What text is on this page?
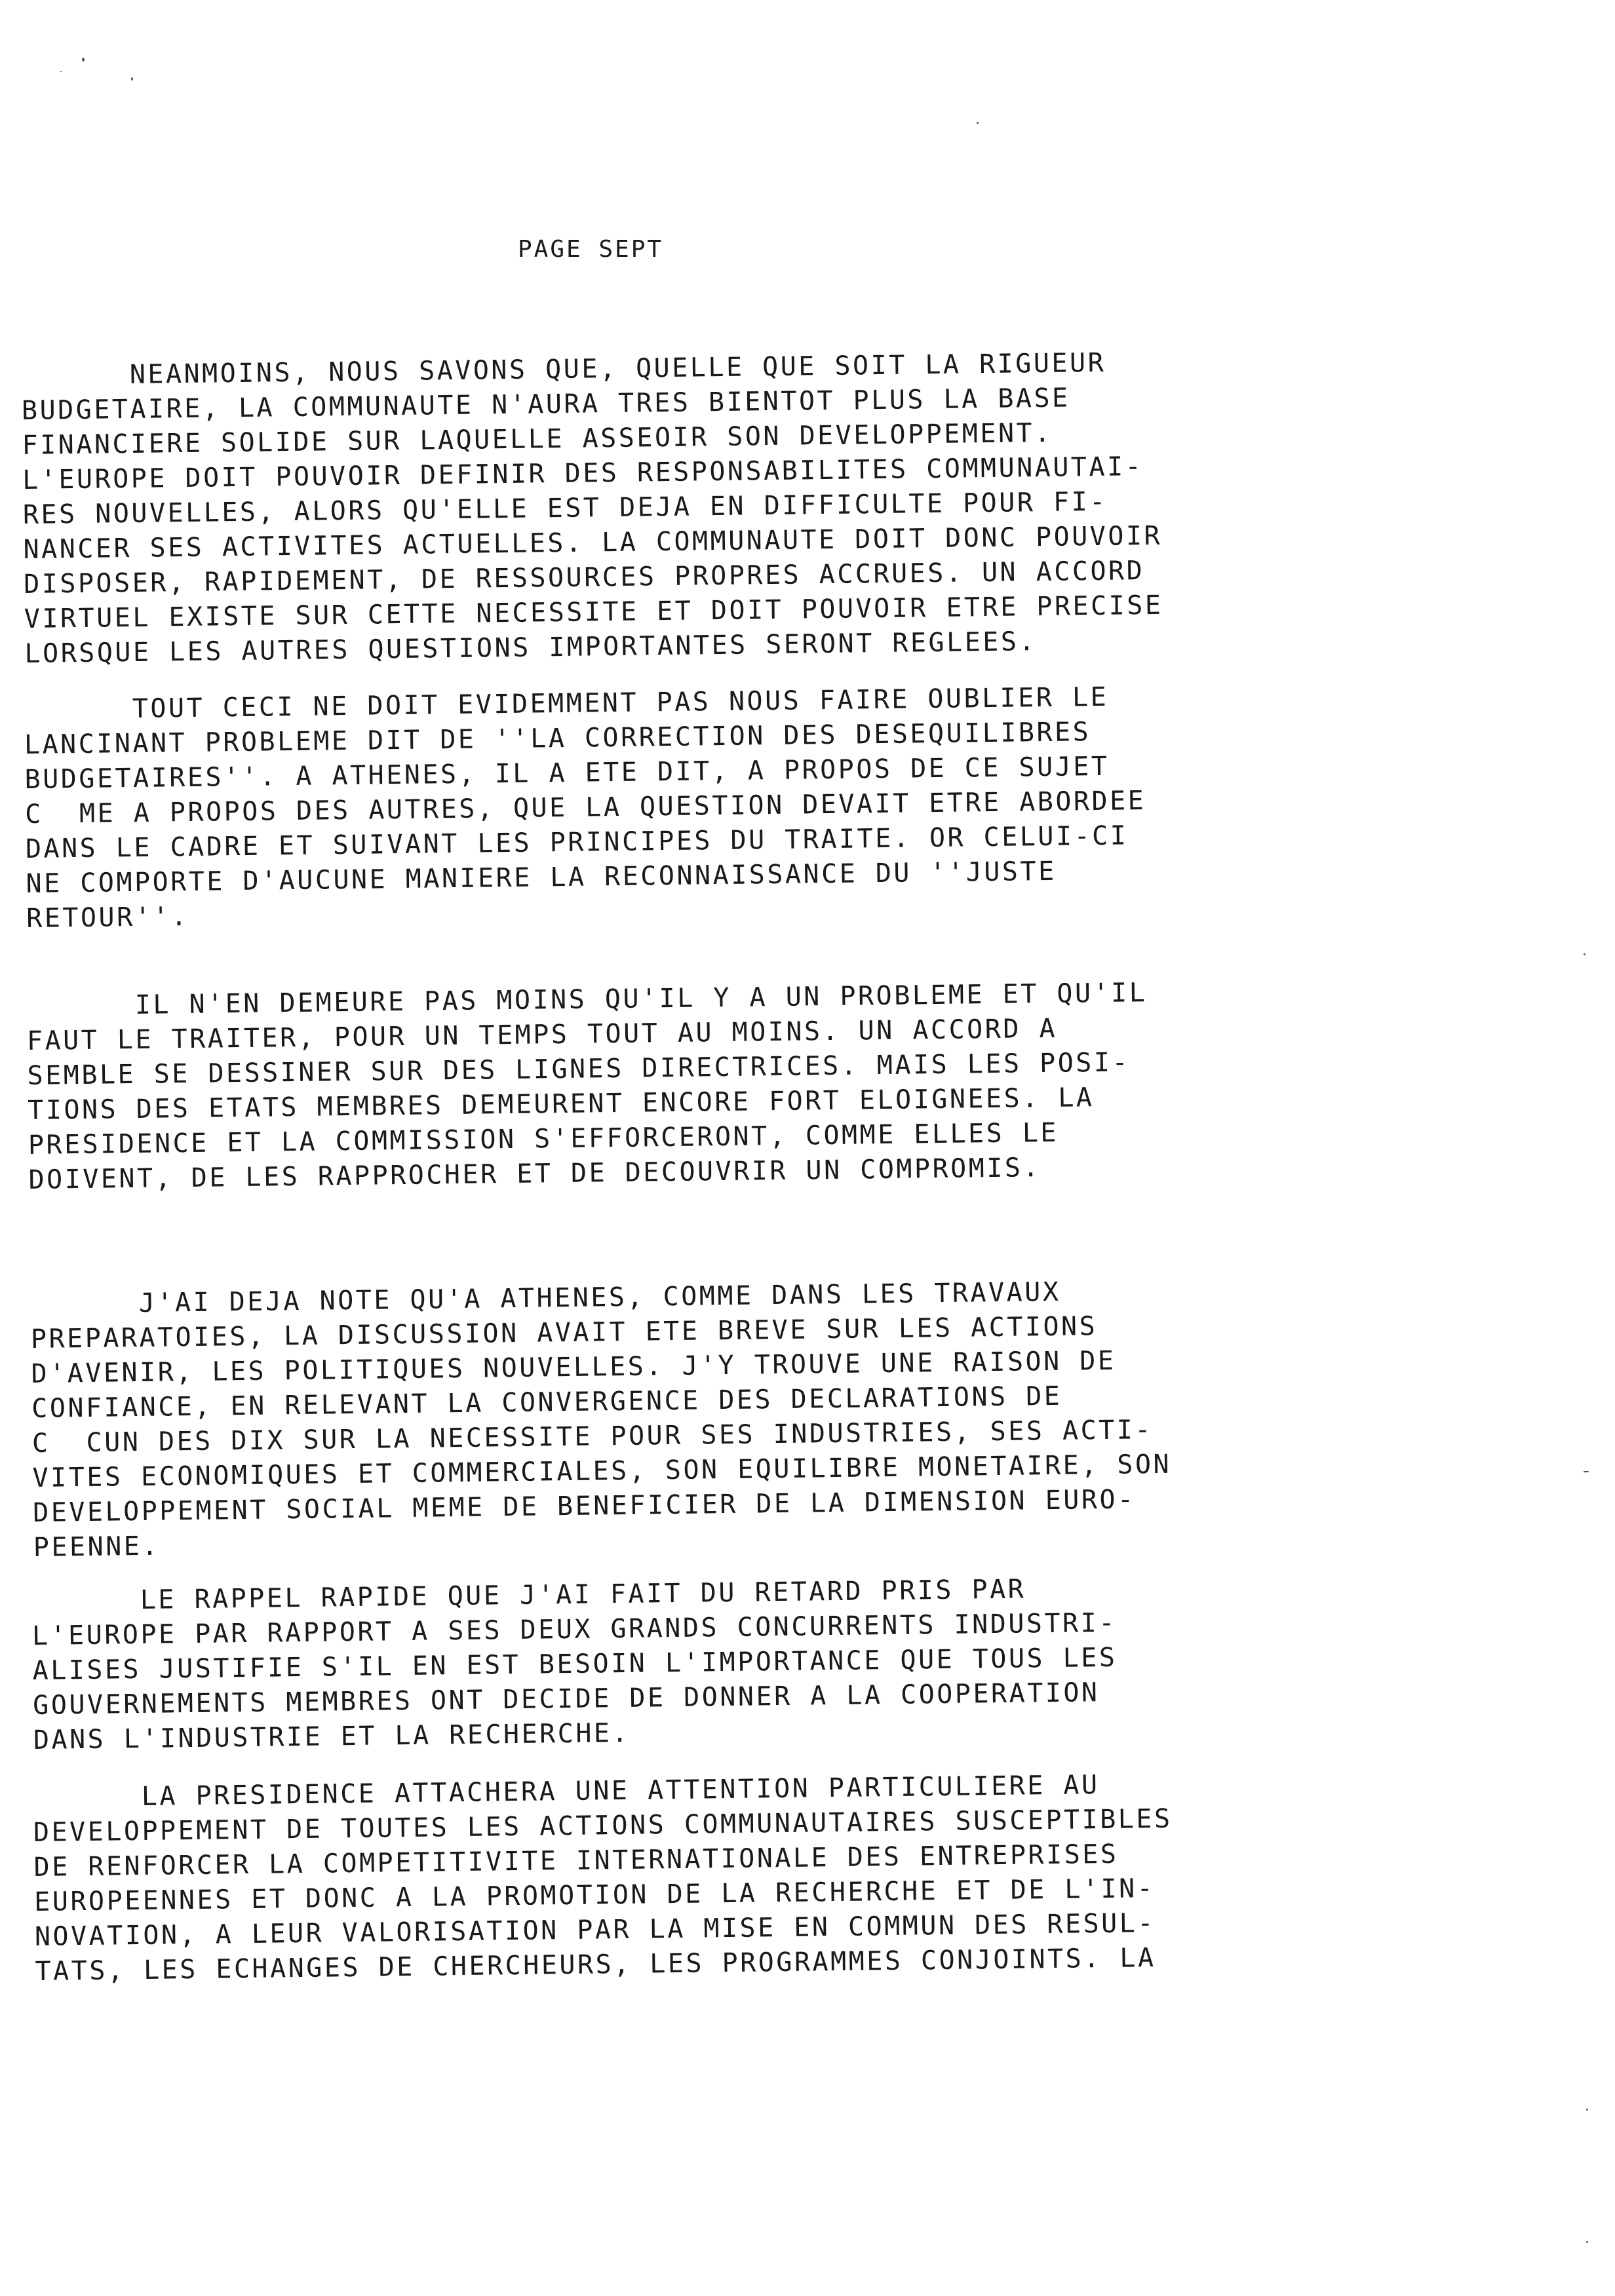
PAGE SEPT
NEANMOINS, NOUS SAVONS QUE, QUELLE QUE SOIT LA RIGUEUR
BUDGETAIRE, LA COMMUNAUTE N'AURA TRES BIENTOT PLUS LA BASE
FINANCIERE SOLIDE SUR LAQUELLE ASSEOIR SON DEVELOPPEMENT.
L'EUROPE DOIT POUVOIR DEFINIR DES RESPONSABILITES COMMUNAUTAI-
RES NOUVELLES, ALORS QU'ELLE EST DEJA EN DIFFICULTE POUR FI-
NANCER SES ACTIVITES ACTUELLES. LA COMMUNAUTE DOIT DONC POUVOIR
DISPOSER, RAPIDEMENT, DE RESSOURCES PROPRES ACCRUES. UN ACCORD
VIRTUEL EXISTE SUR CETTE NECESSITE ET DOIT POUVOIR ETRE PRECISE
LORSQUE LES AUTRES QUESTIONS IMPORTANTES SERONT REGLEES.
TOUT CECI NE DOIT EVIDEMMENT PAS NOUS FAIRE OUBLIER LE
LANCINANT PROBLEME DIT DE ''LA CORRECTION DES DESEQUILIBRES
BUDGETAIRES''. A ATHENES, IL A ETE DIT, A PROPOS DE CE SUJET
C  ME A PROPOS DES AUTRES, QUE LA QUESTION DEVAIT ETRE ABORDEE
DANS LE CADRE ET SUIVANT LES PRINCIPES DU TRAITE. OR CELUI-CI
NE COMPORTE D'AUCUNE MANIERE LA RECONNAISSANCE DU ''JUSTE
RETOUR''.
IL N'EN DEMEURE PAS MOINS QU'IL Y A UN PROBLEME ET QU'IL
FAUT LE TRAITER, POUR UN TEMPS TOUT AU MOINS. UN ACCORD A
SEMBLE SE DESSINER SUR DES LIGNES DIRECTRICES. MAIS LES POSI-
TIONS DES ETATS MEMBRES DEMEURENT ENCORE FORT ELOIGNEES. LA
PRESIDENCE ET LA COMMISSION S'EFFORCERONT, COMME ELLES LE
DOIVENT, DE LES RAPPROCHER ET DE DECOUVRIR UN COMPROMIS.
J'AI DEJA NOTE QU'A ATHENES, COMME DANS LES TRAVAUX
PREPARATOIES, LA DISCUSSION AVAIT ETE BREVE SUR LES ACTIONS
D'AVENIR, LES POLITIQUES NOUVELLES. J'Y TROUVE UNE RAISON DE
CONFIANCE, EN RELEVANT LA CONVERGENCE DES DECLARATIONS DE
C  CUN DES DIX SUR LA NECESSITE POUR SES INDUSTRIES, SES ACTI-
VITES ECONOMIQUES ET COMMERCIALES, SON EQUILIBRE MONETAIRE, SON
DEVELOPPEMENT SOCIAL MEME DE BENEFICIER DE LA DIMENSION EURO-
PEENNE.
LE RAPPEL RAPIDE QUE J'AI FAIT DU RETARD PRIS PAR
L'EUROPE PAR RAPPORT A SES DEUX GRANDS CONCURRENTS INDUSTRI-
ALISES JUSTIFIE S'IL EN EST BESOIN L'IMPORTANCE QUE TOUS LES
GOUVERNEMENTS MEMBRES ONT DECIDE DE DONNER A LA COOPERATION
DANS L'INDUSTRIE ET LA RECHERCHE.
LA PRESIDENCE ATTACHERA UNE ATTENTION PARTICULIERE AU
DEVELOPPEMENT DE TOUTES LES ACTIONS COMMUNAUTAIRES SUSCEPTIBLES
DE RENFORCER LA COMPETITIVITE INTERNATIONALE DES ENTREPRISES
EUROPEENNES ET DONC A LA PROMOTION DE LA RECHERCHE ET DE L'IN-
NOVATION, A LEUR VALORISATION PAR LA MISE EN COMMUN DES RESUL-
TATS, LES ECHANGES DE CHERCHEURS, LES PROGRAMMES CONJOINTS. LA
